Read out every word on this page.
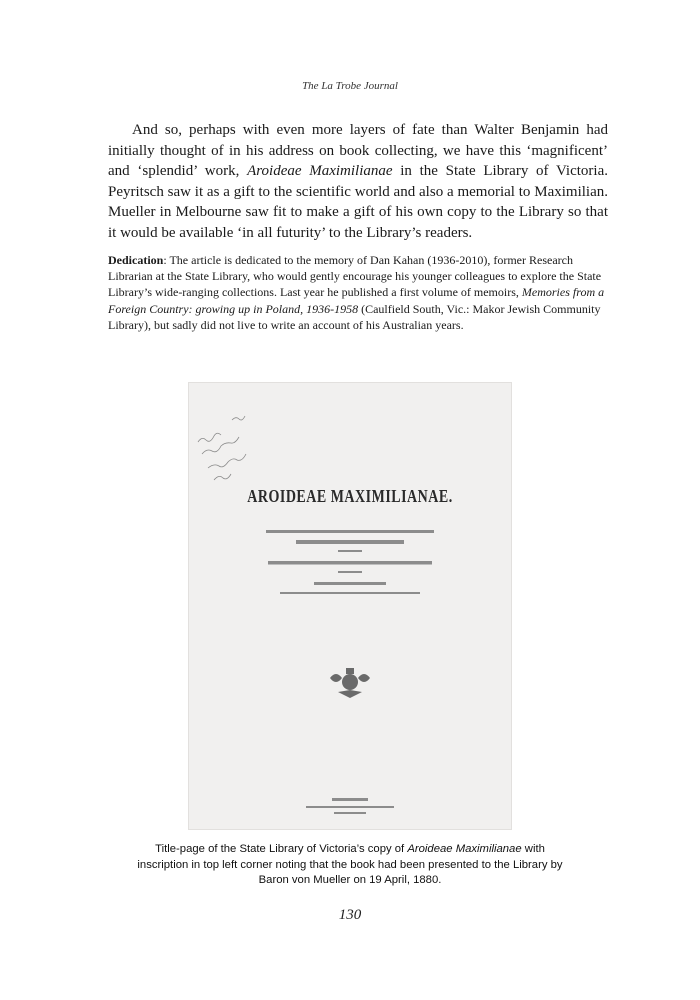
The La Trobe Journal

And so, perhaps with even more layers of fate than Walter Benjamin had initially thought of in his address on book collecting, we have this ‘magnificent’ and ‘splendid’ work, Aroideae Maximilianae in the State Library of Victoria. Peyritsch saw it as a gift to the scientific world and also a memorial to Maximilian. Mueller in Melbourne saw fit to make a gift of his own copy to the Library so that it would be available ‘in all futurity’ to the Library’s readers.

Dedication: The article is dedicated to the memory of Dan Kahan (1936-2010), former Research Librarian at the State Library, who would gently encourage his younger colleagues to explore the State Library’s wide-ranging collections. Last year he published a first volume of memoirs, Memories from a Foreign Country: growing up in Poland, 1936-1958 (Caulfield South, Vic.: Makor Jewish Community Library), but sadly did not live to write an account of his Australian years.

AROIDEAE MAXIMILIANAE.

Title-page of the State Library of Victoria’s copy of Aroideae Maximilianae with inscription in top left corner noting that the book had been presented to the Library by Baron von Mueller on 19 April, 1880.

130
